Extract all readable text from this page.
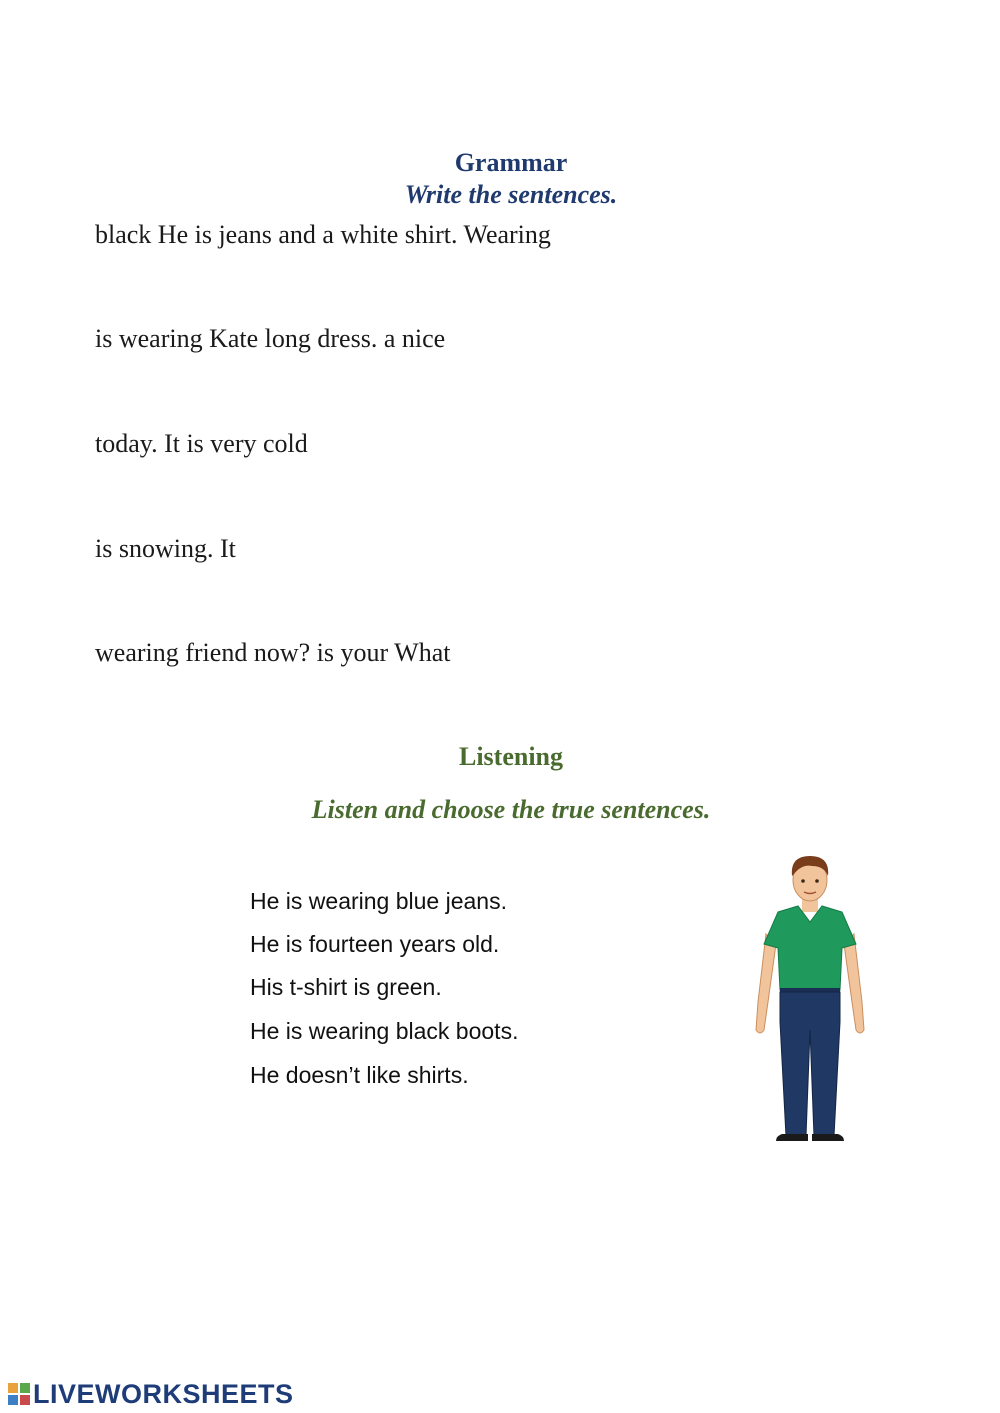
Grammar
Write the sentences.
black He is jeans and a white shirt. Wearing
is wearing Kate long dress. a nice
today. It is very cold
is snowing. It
wearing friend now? is your What
Listening
Listen and choose the true sentences.
He is wearing blue jeans.
He is fourteen years old.
His t-shirt is green.
He is wearing black boots.
He doesn’t like shirts.
LIVEWORKSHEETS
